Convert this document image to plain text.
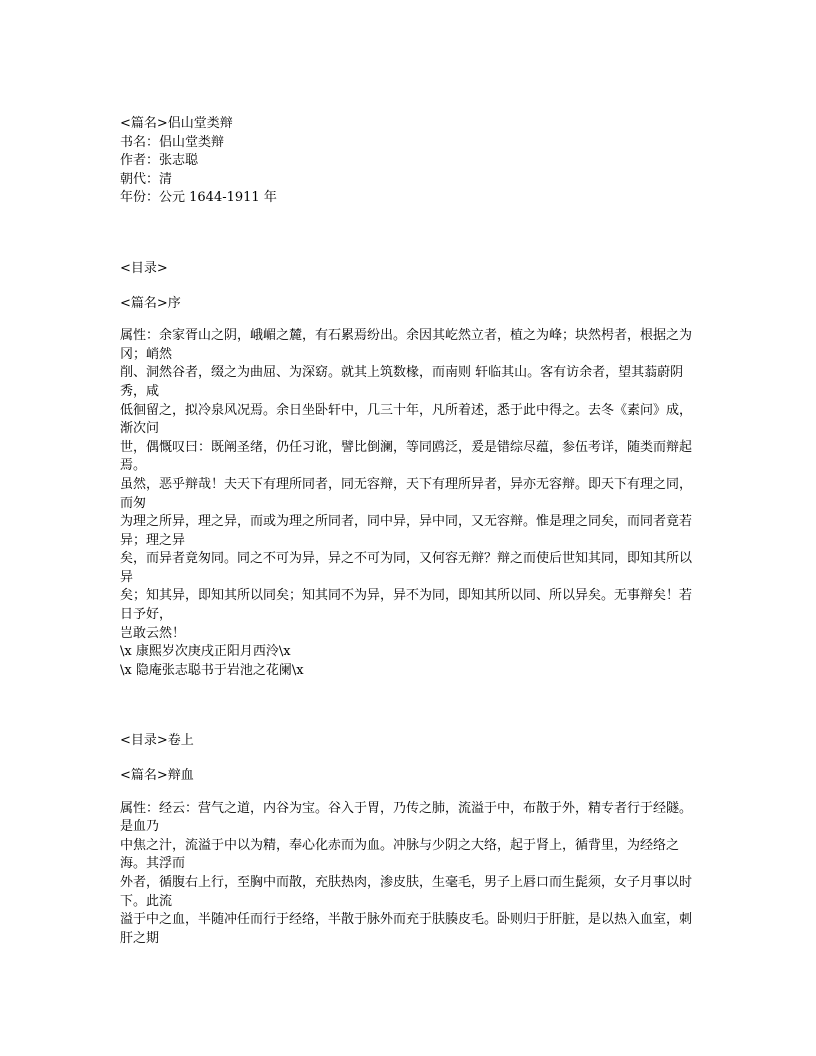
<篇名>侣山堂类辩
书名：侣山堂类辩
作者：张志聪
朝代：清
年份：公元 1644-1911 年
<目录>
<篇名>序
属性：余家胥山之阴，峨嵋之麓，有石累焉纷出。余因其屹然立者，植之为峰；块然枵者，根据之为冈；峭然
削、洞然谷者，缀之为曲屈、为深窈。就其上筑数椽，而南则 轩临其山。客有访余者，望其蓊蔚阴秀，咸
低徊留之，拟冷泉风况焉。余日坐卧轩中，几三十年，凡所着述，悉于此中得之。去冬《素问》成，渐次问
世，偶慨叹曰：既阐圣绪，仍任习讹，譬比倒澜，等同鸥泛，爰是错综尽蕴，参伍考详，随类而辩起焉。
虽然，恶乎辩哉！夫天下有理所同者，同无容辩，天下有理所异者，异亦无容辩。即天下有理之同，而匆
为理之所异，理之异，而或为理之所同者，同中异，异中同，又无容辩。惟是理之同矣，而同者竟若异；理之异
矣，而异者竟匆同。同之不可为异，异之不可为同，又何容无辩？辩之而使后世知其同，即知其所以异
矣；知其异，即知其所以同矣；知其同不为异，异不为同，即知其所以同、所以异矣。无事辩矣！若日予好，
岂敢云然！
\x 康熙岁次庚戌正阳月西泠\x
\x 隐庵张志聪书于岩池之花阑\x
<目录>卷上
<篇名>辩血
属性：经云：营气之道，内谷为宝。谷入于胃，乃传之肺，流溢于中，布散于外，精专者行于经隧。是血乃
中焦之汁，流溢于中以为精，奉心化赤而为血。冲脉与少阴之大络，起于肾上，循背里，为经络之海。其浮而
外者，循腹右上行，至胸中而散，充肤热肉，渗皮肤，生毫毛，男子上唇口而生髭须，女子月事以时下。此流
溢于中之血，半随冲任而行于经络，半散于脉外而充于肤腠皮毛。卧则归于肝脏，是以热入血室，刺肝之期
